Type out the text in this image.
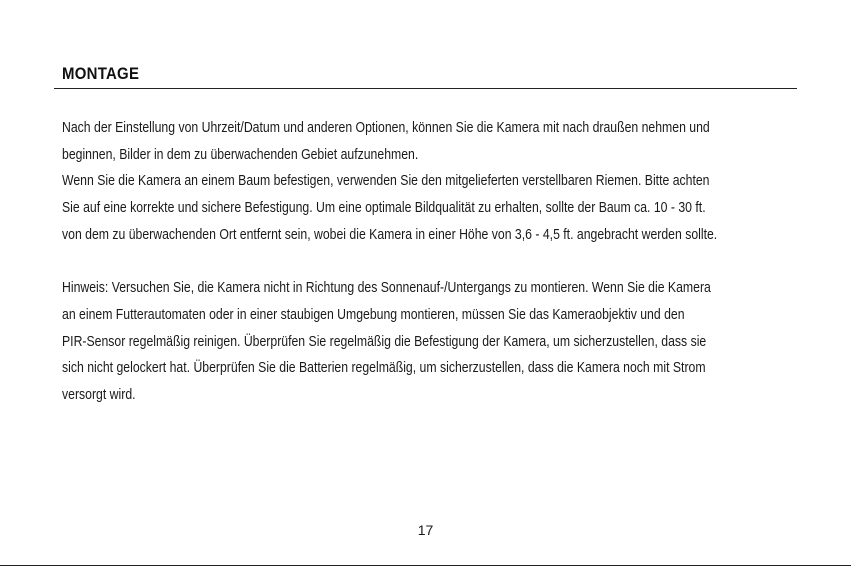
MONTAGE
Nach der Einstellung von Uhrzeit/Datum und anderen Optionen, können Sie die Kamera mit nach draußen nehmen und
beginnen, Bilder in dem zu überwachenden Gebiet aufzunehmen.
Wenn Sie die Kamera an einem Baum befestigen, verwenden Sie den mitgelieferten verstellbaren Riemen. Bitte achten
Sie auf eine korrekte und sichere Befestigung. Um eine optimale Bildqualität zu erhalten, sollte der Baum ca. 10 - 30 ft.
von dem zu überwachenden Ort entfernt sein, wobei die Kamera in einer Höhe von 3,6 - 4,5 ft. angebracht werden sollte.
Hinweis: Versuchen Sie, die Kamera nicht in Richtung des Sonnenauf-/Untergangs zu montieren. Wenn Sie die Kamera
an einem Futterautomaten oder in einer staubigen Umgebung montieren, müssen Sie das Kameraobjektiv und den
PIR-Sensor regelmäßig reinigen. Überprüfen Sie regelmäßig die Befestigung der Kamera, um sicherzustellen, dass sie
sich nicht gelockert hat. Überprüfen Sie die Batterien regelmäßig, um sicherzustellen, dass die Kamera noch mit Strom
versorgt wird.
17
